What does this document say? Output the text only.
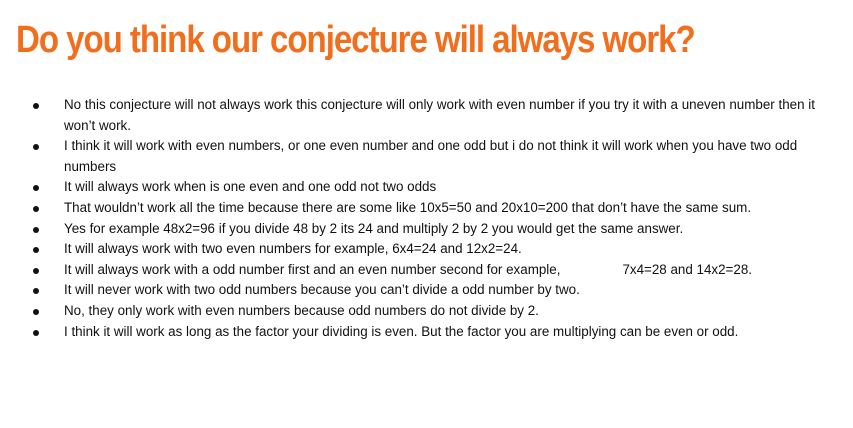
Do you think our conjecture will always work?
No this conjecture will not always work this conjecture will only work with even number if you try it with a uneven number then it won’t work.
I think it will work with even numbers, or one even number and one odd but i do not think it will work when you have two odd numbers
It will always work when is one even and one odd not two odds
That wouldn’t work all the time because there are some like 10x5=50 and 20x10=200 that don’t have the same sum.
Yes for example 48x2=96 if you divide 48 by 2 its 24 and multiply 2 by 2 you would get the same answer.
It will always work with two even numbers for example, 6x4=24 and 12x2=24.
It will always work with a odd number first and an even number second for example,	7x4=28 and 14x2=28.
It will never work with two odd numbers because you can’t divide a odd number by two.
No, they only work with even numbers because odd numbers do not divide by 2.
I think it will work as long as the factor your dividing is even. But the factor you are multiplying can be even or odd.
